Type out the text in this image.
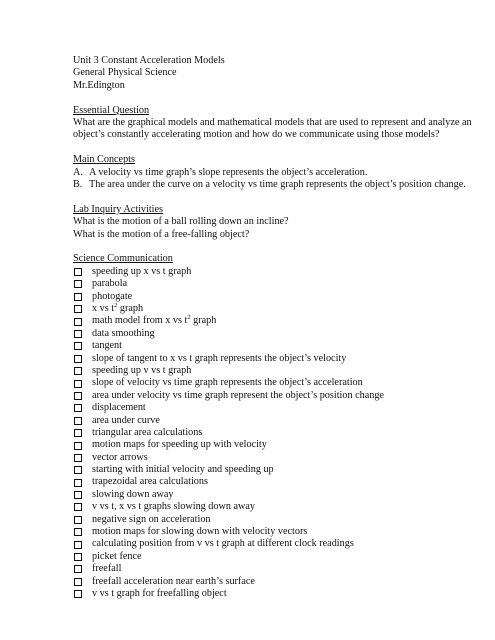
Unit 3 Constant Acceleration Models
General Physical Science
Mr.Edington
Essential Question
What are the graphical models and mathematical models that are used to represent and analyze an object’s constantly accelerating motion and how do we communicate using those models?
Main Concepts
A. A velocity vs time graph’s slope represents the object’s acceleration.
B. The area under the curve on a velocity vs time graph represents the object’s position change.
Lab Inquiry Activities
What is the motion of a ball rolling down an incline?
What is the motion of a free-falling object?
Science Communication
speeding up x vs t graph
parabola
photogate
x vs $t^2$ graph
math model from x vs $t^2$ graph
data smoothing
tangent
slope of tangent to x vs t graph represents the object’s velocity
speeding up v vs t graph
slope of velocity vs time graph represents the object’s acceleration
area under velocity vs time graph represent the object’s position change
displacement
area under curve
triangular area calculations
motion maps for speeding up with velocity
vector arrows
starting with initial velocity and speeding up
trapezoidal area calculations
slowing down away
v vs t, x vs t graphs slowing down away
negative sign on acceleration
motion maps for slowing down with velocity vectors
calculating position from v vs t graph at different clock readings
picket fence
freefall
freefall acceleration near earth’s surface
v vs t graph for freefalling object
